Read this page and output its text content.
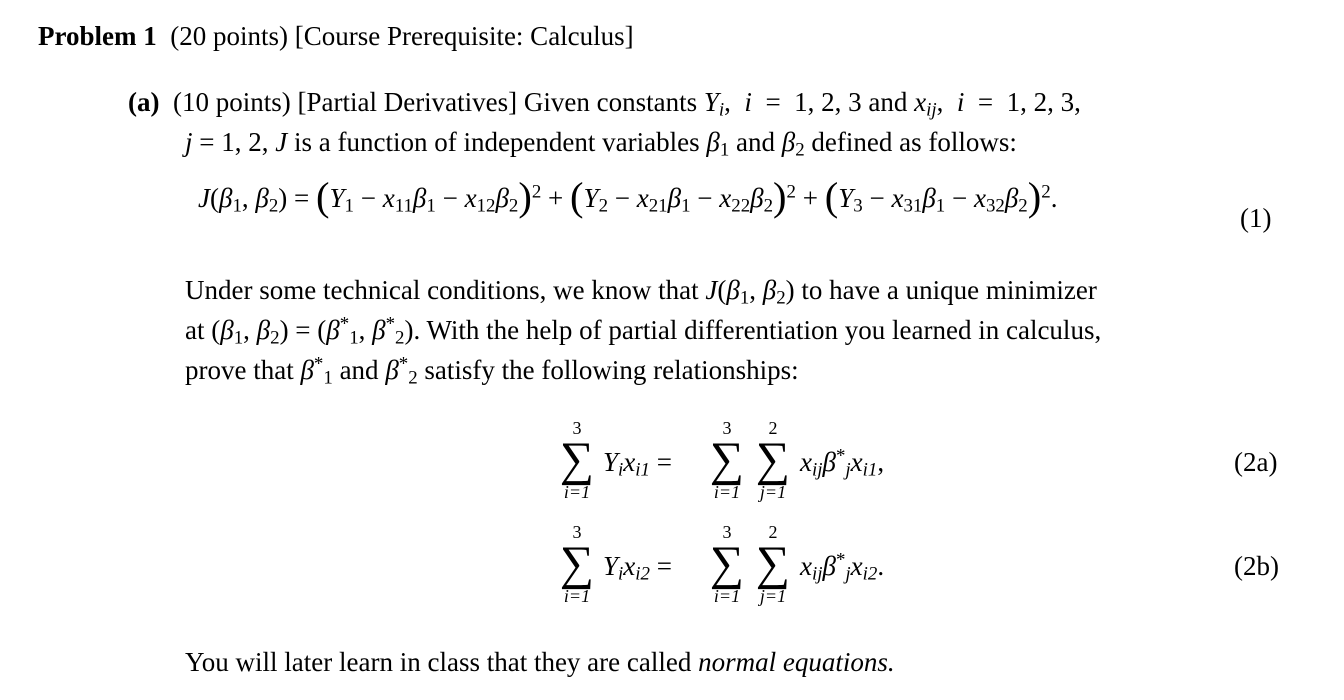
Problem 1 (20 points) [Course Prerequisite: Calculus]
(a) (10 points) [Partial Derivatives] Given constants $Y_i$,  i  =  1, 2, 3 and $x_{ij}$,  i  =  1, 2, 3,
j = 1, 2, J is a function of independent variables $\beta_1$ and $\beta_2$ defined as follows:
$J(\beta_1$, $\beta_2) = (Y_1 - x_{11}\beta_1 - x_{12}\beta_2)^2 + (Y_2 - x_{21}\beta_1 - x_{22}\beta_2)^2 + (Y_3 - x_{31}\beta_1 - x_{32}\beta_2)^2$.
(1)
Under some technical conditions, we know that $J(\beta_1$, $\beta_2$) to have a unique minimizer
at ($\beta_1$, $\beta_2) = (\beta^*_1$, $\beta^*_2$). With the help of partial differentiation you learned in calculus,
prove that $\beta^*_1$ and $\beta^*_2$ satisfy the following relationships:
3
∑
i=1
$Y_ix_{i1}$ =
3
∑
i=1
2
∑
j=1
$x_{ij}\beta^*_jx_{i1}$,	(2a)
3
∑
i=1
$Y_ix_{i2}$ =
3
∑
i=1
2
∑
j=1
$x_{ij}\beta^*_jx_{i2}$.	(2b)
You will later learn in class that they are called normal equations.
